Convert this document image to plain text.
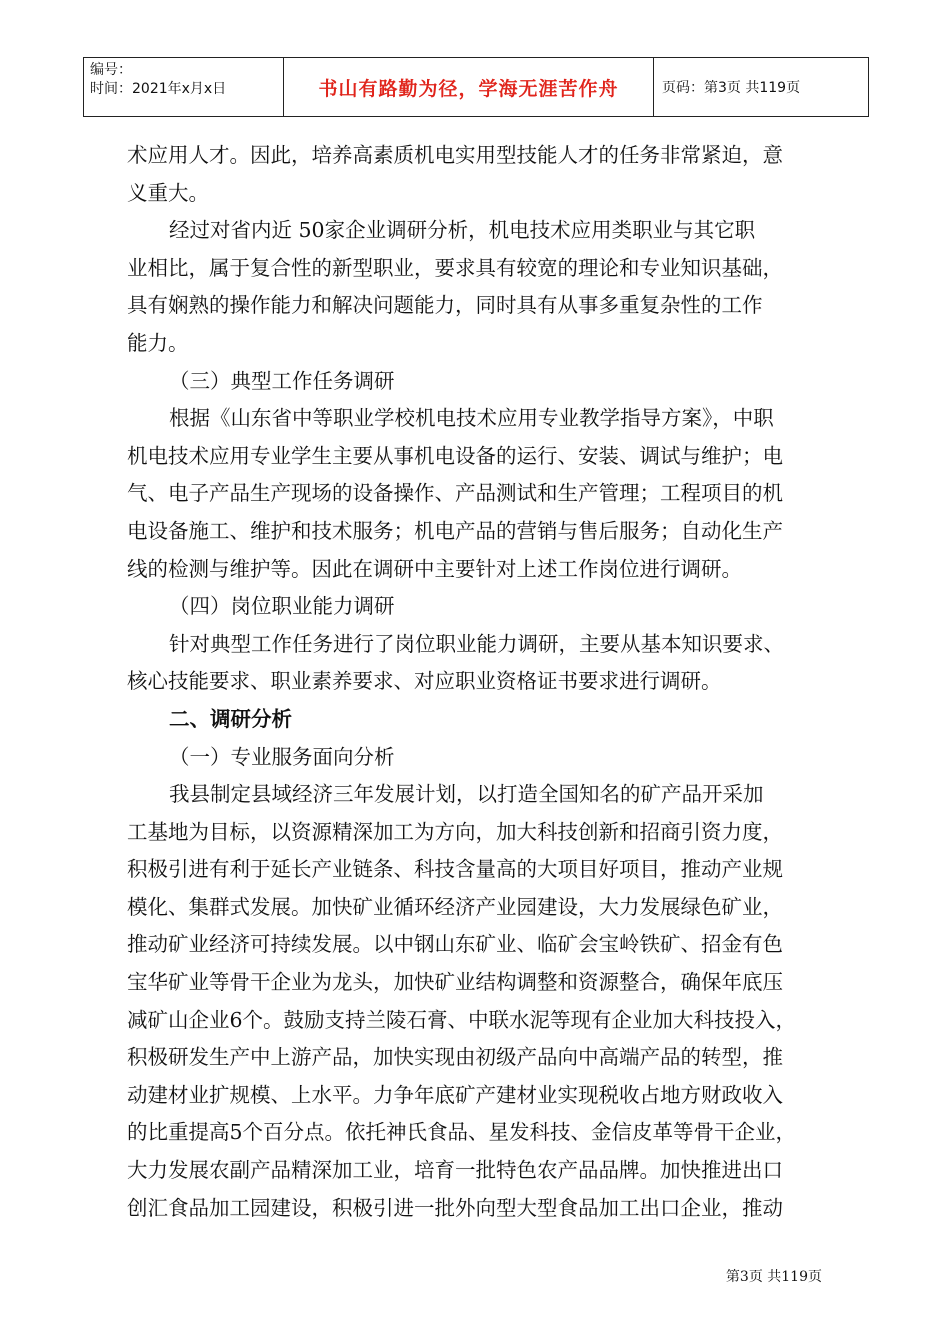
编号：
时间：2021年x月x日	书山有路勤为径，学海无涯苦作舟	页码：第3页 共119页
术应用人才。因此，培养高素质机电实用型技能人才的任务非常紧迫，意
义重大。
经过对省内近 50家企业调研分析，机电技术应用类职业与其它职
业相比，属于复合性的新型职业，要求具有较宽的理论和专业知识基础，
具有娴熟的操作能力和解决问题能力，同时具有从事多重复杂性的工作
能力。
（三）典型工作任务调研
根据《山东省中等职业学校机电技术应用专业教学指导方案》，中职
机电技术应用专业学生主要从事机电设备的运行、安装、调试与维护；电
气、电子产品生产现场的设备操作、产品测试和生产管理；工程项目的机
电设备施工、维护和技术服务；机电产品的营销与售后服务；自动化生产
线的检测与维护等。因此在调研中主要针对上述工作岗位进行调研。
（四）岗位职业能力调研
针对典型工作任务进行了岗位职业能力调研，主要从基本知识要求、
核心技能要求、职业素养要求、对应职业资格证书要求进行调研。
二、调研分析
（一）专业服务面向分析
我县制定县域经济三年发展计划，以打造全国知名的矿产品开采加
工基地为目标，以资源精深加工为方向，加大科技创新和招商引资力度，
积极引进有利于延长产业链条、科技含量高的大项目好项目，推动产业规
模化、集群式发展。加快矿业循环经济产业园建设，大力发展绿色矿业，
推动矿业经济可持续发展。以中钢山东矿业、临矿会宝岭铁矿、招金有色
宝华矿业等骨干企业为龙头，加快矿业结构调整和资源整合，确保年底压
减矿山企业6个。鼓励支持兰陵石膏、中联水泥等现有企业加大科技投入，
积极研发生产中上游产品，加快实现由初级产品向中高端产品的转型，推
动建材业扩规模、上水平。力争年底矿产建材业实现税收占地方财政收入
的比重提高5个百分点。依托神氏食品、星发科技、金信皮革等骨干企业，
大力发展农副产品精深加工业，培育一批特色农产品品牌。加快推进出口
创汇食品加工园建设，积极引进一批外向型大型食品加工出口企业，推动
第3页 共119页
